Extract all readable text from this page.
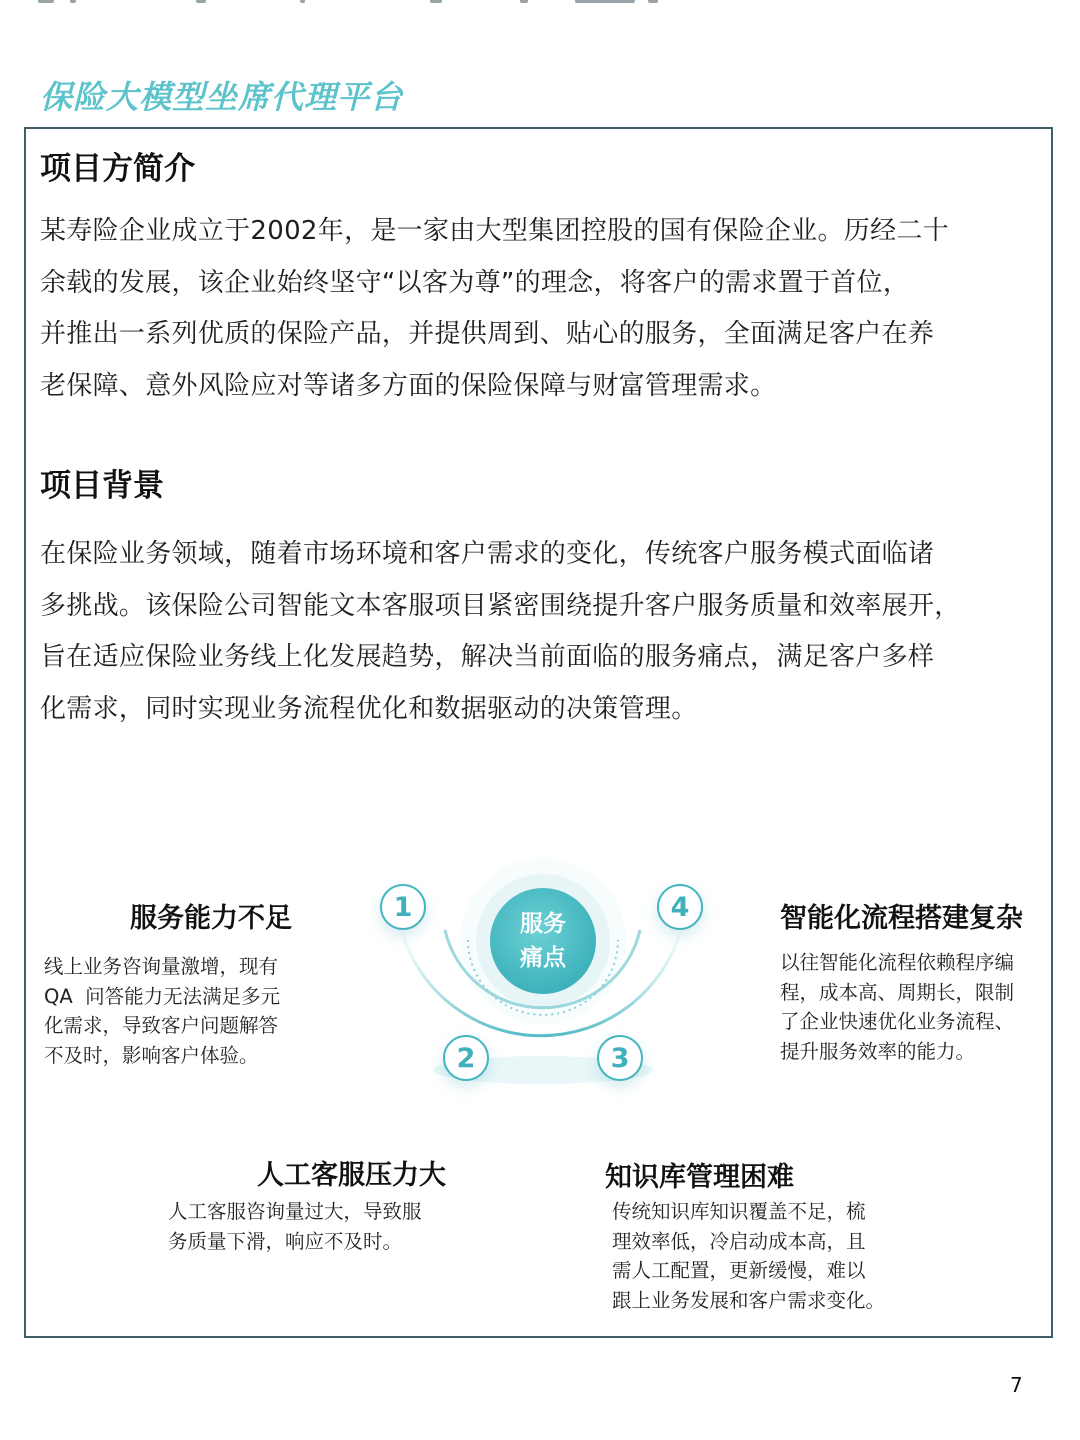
保险大模型坐席代理平台
项目方简介
某寿险企业成立于2002年，是一家由大型集团控股的国有保险企业。历经二十
余载的发展，该企业始终坚守“以客为尊”的理念，将客户的需求置于首位，
并推出一系列优质的保险产品，并提供周到、贴心的服务，全面满足客户在养
老保障、意外风险应对等诸多方面的保险保障与财富管理需求。
项目背景
在保险业务领域，随着市场环境和客户需求的变化，传统客户服务模式面临诸
多挑战。该保险公司智能文本客服项目紧密围绕提升客户服务质量和效率展开，
旨在适应保险业务线上化发展趋势，解决当前面临的服务痛点，满足客户多样
化需求，同时实现业务流程优化和数据驱动的决策管理。
服务
痛点
1	4
2	3
服务能力不足
线上业务咨询量激增，现有
QA  问答能力无法满足多元
化需求，导致客户问题解答
不及时，影响客户体验。
智能化流程搭建复杂
以往智能化流程依赖程序编
程，成本高、周期长，限制
了企业快速优化业务流程、
提升服务效率的能力。
人工客服压力大
人工客服咨询量过大，导致服
务质量下滑，响应不及时。
知识库管理困难
传统知识库知识覆盖不足，梳
理效率低，冷启动成本高，且
需人工配置，更新缓慢，难以
跟上业务发展和客户需求变化。
7
